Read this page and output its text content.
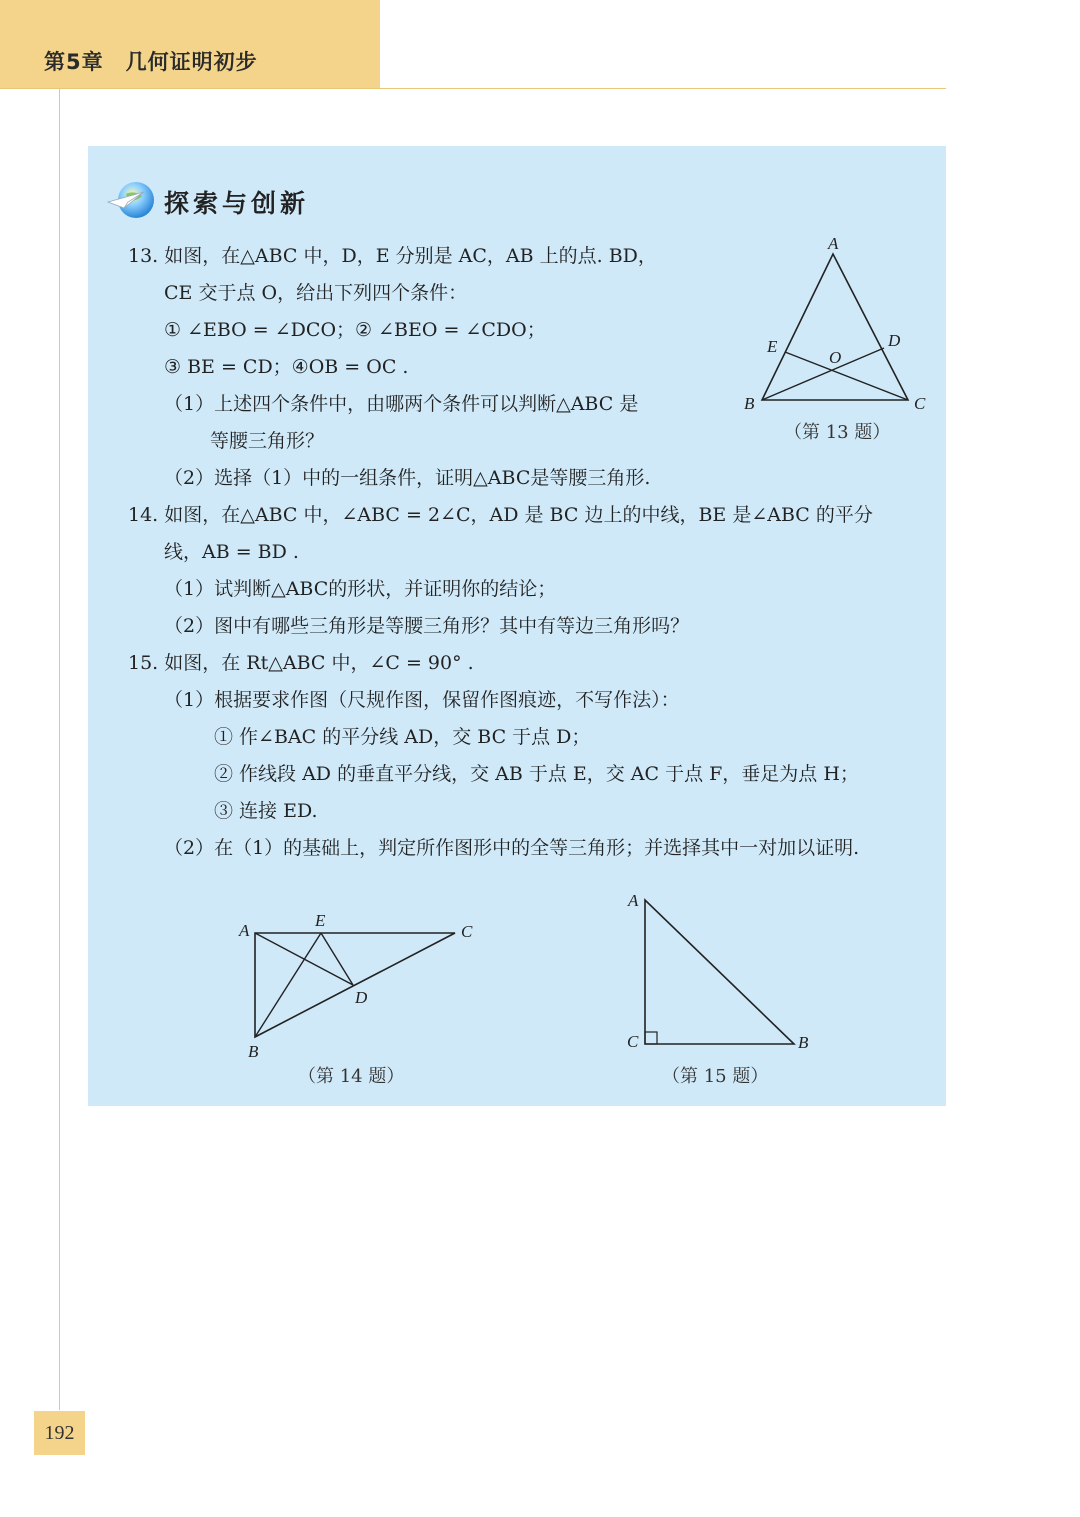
第5章　几何证明初步
192
探索与创新
13. 如图，在△ABC 中，D，E 分别是 AC，AB 上的点. BD，
CE 交于点 O，给出下列四个条件：
① ∠EBO = ∠DCO；② ∠BEO = ∠CDO；
③ BE = CD；④OB = OC .
（1）上述四个条件中，由哪两个条件可以判断△ABC 是
等腰三角形？
（2）选择（1）中的一组条件，证明△ABC是等腰三角形.
A
B	C
D
E
O
（第 13 题）
14. 如图，在△ABC 中，∠ABC = 2∠C，AD 是 BC 边上的中线，BE 是∠ABC 的平分
线，AB = BD .
（1）试判断△ABC的形状，并证明你的结论；
（2）图中有哪些三角形是等腰三角形？其中有等边三角形吗？
15. 如图，在 Rt△ABC 中，∠C = 90° .
（1）根据要求作图（尺规作图，保留作图痕迹，不写作法）：
① 作∠BAC 的平分线 AD，交 BC 于点 D；
② 作线段 AD 的垂直平分线，交 AB 于点 E，交 AC 于点 F，垂足为点 H；
③ 连接 ED.
（2）在（1）的基础上，判定所作图形中的全等三角形；并选择其中一对加以证明.
A
B
C
D
E
（第 14 题）
A
C	B
（第 15 题）
